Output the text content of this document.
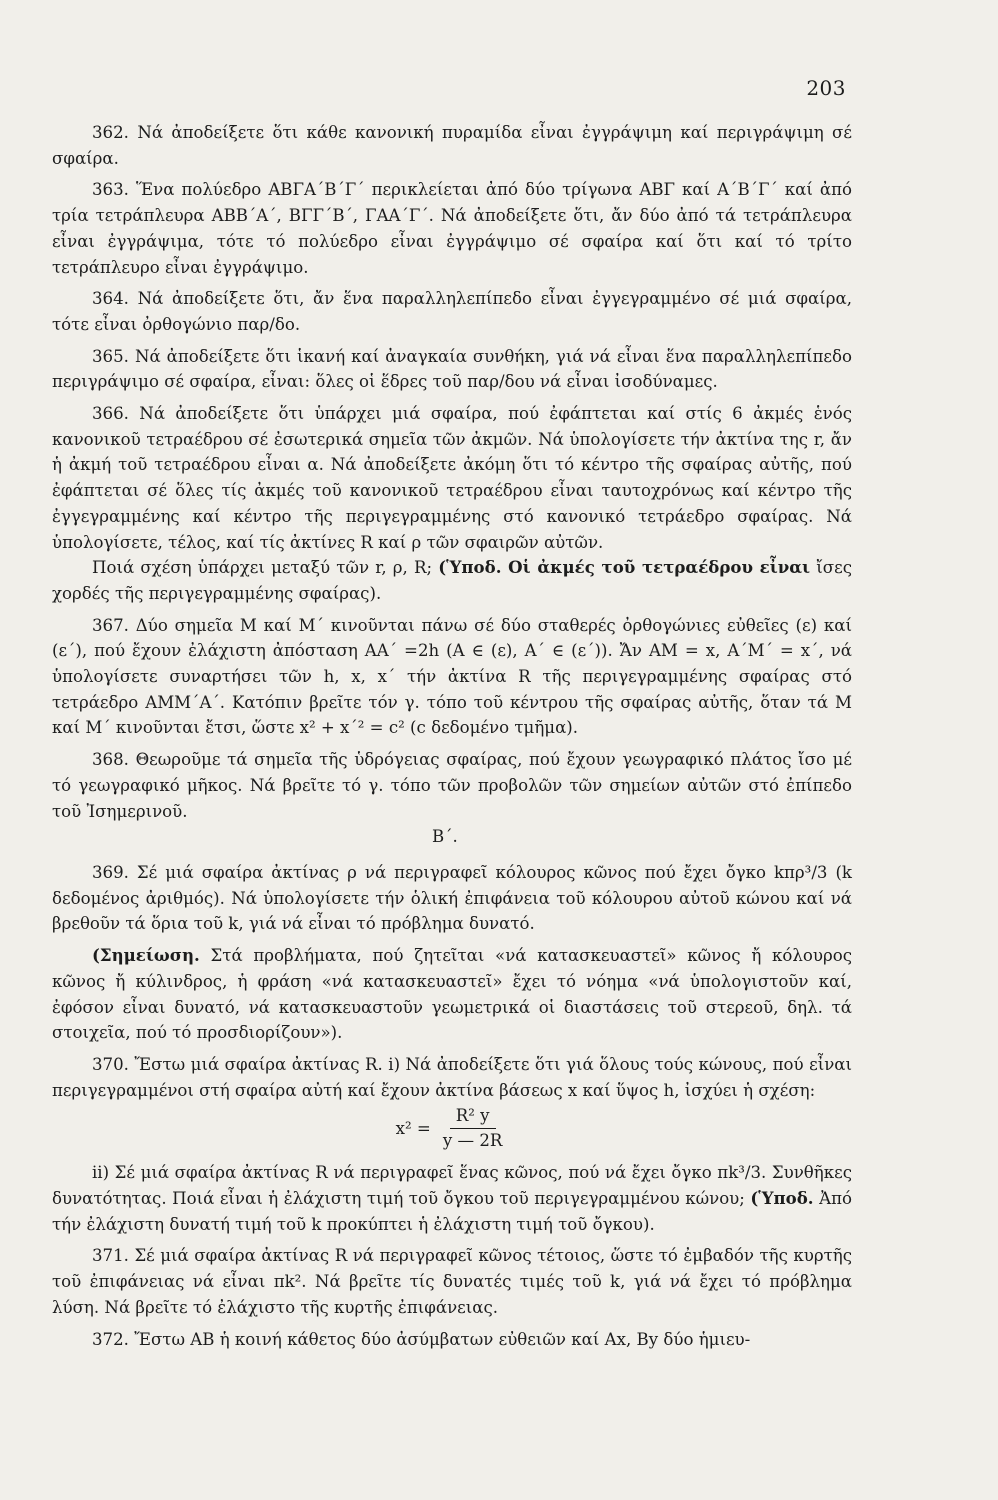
203

362. Νά ἀποδείξετε ὅτι κάθε κανονική πυραμίδα εἶναι ἐγγράψιμη καί περιγράψιμη σέ σφαίρα.

363. Ἕνα πολύεδρο ΑΒΓΑ΄Β΄Γ΄ περικλείεται ἀπό δύο τρίγωνα ΑΒΓ καί Α΄Β΄Γ΄ καί ἀπό τρία τετράπλευρα ΑΒΒ΄Α΄, ΒΓΓ΄Β΄, ΓΑΑ΄Γ΄. Νά ἀποδείξετε ὅτι, ἄν δύο ἀπό τά τετράπλευρα εἶναι ἐγγράψιμα, τότε τό πολύεδρο εἶναι ἐγγράψιμο σέ σφαίρα καί ὅτι καί τό τρίτο τετράπλευρο εἶναι ἐγγράψιμο.

364. Νά ἀποδείξετε ὅτι, ἄν ἕνα παραλληλεπίπεδο εἶναι ἐγγεγραμμένο σέ μιά σφαίρα, τότε εἶναι ὀρθογώνιο παρ/δο.

365. Νά ἀποδείξετε ὅτι ἱκανή καί ἀναγκαία συνθήκη, γιά νά εἶναι ἕνα παραλληλεπίπεδο περιγράψιμο σέ σφαίρα, εἶναι: ὅλες οἱ ἕδρες τοῦ παρ/δου νά εἶναι ἰσοδύναμες.

366. Νά ἀποδείξετε ὅτι ὑπάρχει μιά σφαίρα, πού ἐφάπτεται καί στίς 6 ἀκμές ἑνός κανονικοῦ τετραέδρου σέ ἐσωτερικά σημεῖα τῶν ἀκμῶν. Νά ὑπολογίσετε τήν ἀκτίνα της r, ἄν ἡ ἀκμή τοῦ τετραέδρου εἶναι α. Νά ἀποδείξετε ἀκόμη ὅτι τό κέντρο τῆς σφαίρας αὐτῆς, πού ἐφάπτεται σέ ὅλες τίς ἀκμές τοῦ κανονικοῦ τετραέδρου εἶναι ταυτοχρόνως καί κέντρο τῆς ἐγγεγραμμένης καί κέντρο τῆς περιγεγραμμένης στό κανονικό τετράεδρο σφαίρας. Νά ὑπολογίσετε, τέλος, καί τίς ἀκτίνες R καί ρ τῶν σφαιρῶν αὐτῶν.

Ποιά σχέση ὑπάρχει μεταξύ τῶν r, ρ, R; (Ὑποδ. Οἱ ἀκμές τοῦ τετραέδρου εἶναι ἴσες χορδές τῆς περιγεγραμμένης σφαίρας).

367. Δύο σημεῖα Μ καί Μ΄ κινοῦνται πάνω σέ δύο σταθερές ὀρθογώνιες εὐθεῖες (ε) καί (ε΄), πού ἔχουν ἐλάχιστη ἀπόσταση ΑΑ΄ =2h (Α ∈ (ε), Α΄ ∈ (ε΄)). Ἄν ΑΜ = x, Α΄Μ΄ = x΄, νά ὑπολογίσετε συναρτήσει τῶν h, x, x΄ τήν ἀκτίνα R τῆς περιγεγραμμένης σφαίρας στό τετράεδρο ΑΜΜ΄Α΄. Κατόπιν βρεῖτε τόν γ. τόπο τοῦ κέντρου τῆς σφαίρας αὐτῆς, ὅταν τά Μ καί Μ΄ κινοῦνται ἔτσι, ὥστε x² + x΄² = c² (c δεδομένο τμῆμα).

368. Θεωροῦμε τά σημεῖα τῆς ὑδρόγειας σφαίρας, πού ἔχουν γεωγραφικό πλάτος ἴσο μέ τό γεωγραφικό μῆκος. Νά βρεῖτε τό γ. τόπο τῶν προβολῶν τῶν σημείων αὐτῶν στό ἐπίπεδο τοῦ Ἰσημερινοῦ.

Β΄.

369. Σέ μιά σφαίρα ἀκτίνας ρ νά περιγραφεῖ κόλουρος κῶνος πού ἔχει ὄγκο kπρ³/3 (k δεδομένος ἀριθμός). Νά ὑπολογίσετε τήν ὁλική ἐπιφάνεια τοῦ κόλουρου αὐτοῦ κώνου καί νά βρεθοῦν τά ὅρια τοῦ k, γιά νά εἶναι τό πρόβλημα δυνατό.

(Σημείωση. Στά προβλήματα, πού ζητεῖται «νά κατασκευαστεῖ» κῶνος ἤ κόλουρος κῶνος ἤ κύλινδρος, ἡ φράση «νά κατασκευαστεῖ» ἔχει τό νόημα «νά ὑπολογιστοῦν καί, ἐφόσον εἶναι δυνατό, νά κατασκευαστοῦν γεωμετρικά οἱ διαστάσεις τοῦ στερεοῦ, δηλ. τά στοιχεῖα, πού τό προσδιορίζουν»).

370. Ἔστω μιά σφαίρα ἀκτίνας R. i) Νά ἀποδείξετε ὅτι γιά ὅλους τούς κώνους, πού εἶναι περιγεγραμμένοι στή σφαίρα αὐτή καί ἔχουν ἀκτίνα βάσεως x καί ὕψος h, ἰσχύει ἡ σχέση:

$x^2 = \frac{\text{R² y}}{y — 2R}$

ii) Σέ μιά σφαίρα ἀκτίνας R νά περιγραφεῖ ἕνας κῶνος, πού νά ἔχει ὄγκο πk³/3. Συνθῆκες δυνατότητας. Ποιά εἶναι ἡ ἐλάχιστη τιμή τοῦ ὄγκου τοῦ περιγεγραμμένου κώνου; (Ὑποδ. Ἀπό τήν ἐλάχιστη δυνατή τιμή τοῦ k προκύπτει ἡ ἐλάχιστη τιμή τοῦ ὄγκου).

371. Σέ μιά σφαίρα ἀκτίνας R νά περιγραφεῖ κῶνος τέτοιος, ὥστε τό ἐμβαδόν τῆς κυρτῆς τοῦ ἐπιφάνειας νά εἶναι πk². Νά βρεῖτε τίς δυνατές τιμές τοῦ k, γιά νά ἔχει τό πρόβλημα λύση. Νά βρεῖτε τό ἐλάχιστο τῆς κυρτῆς ἐπιφάνειας.

372. Ἔστω ΑΒ ἡ κοινή κάθετος δύο ἀσύμβατων εὐθειῶν καί Αx, Βy δύο ἡμιευ-
